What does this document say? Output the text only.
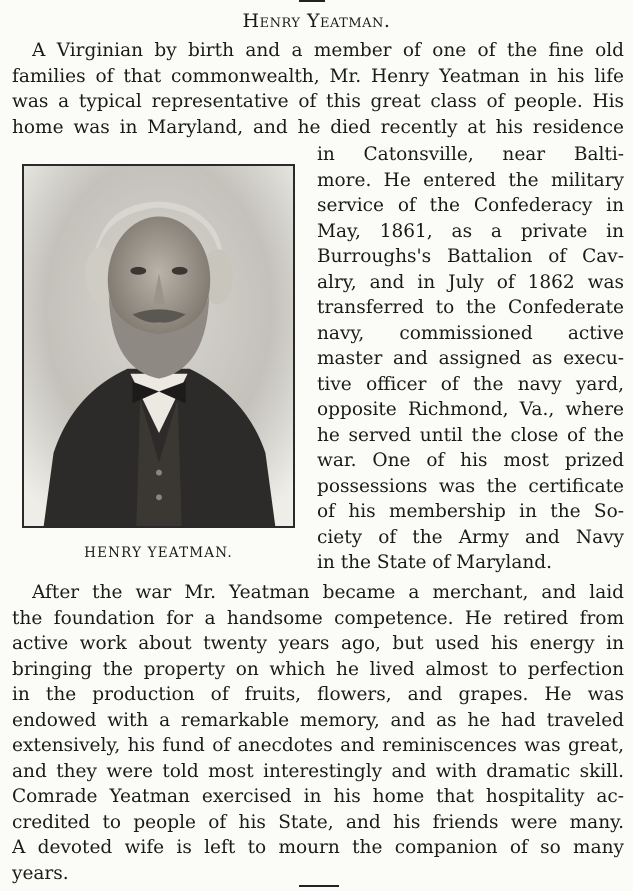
Henry Yeatman.
A Virginian by birth and a member of one of the fine old
families of that commonwealth, Mr. Henry Yeatman in his life
was a typical representative of this great class of people. His
home was in Maryland, and he died recently at his residence
in Catonsville, near Balti-
more. He entered the military
service of the Confederacy in
May, 1861, as a private in
Burroughs's Battalion of Cav-
alry, and in July of 1862 was
transferred to the Confederate
navy, commissioned active
master and assigned as execu-
tive officer of the navy yard,
opposite Richmond, Va., where
he served until the close of the
war. One of his most prized
possessions was the certificate
of his membership in the So-
ciety of the Army and Navy
in the State of Maryland.
HENRY YEATMAN.
After the war Mr. Yeatman became a merchant, and laid
the foundation for a handsome competence. He retired from
active work about twenty years ago, but used his energy in
bringing the property on which he lived almost to perfection
in the production of fruits, flowers, and grapes. He was
endowed with a remarkable memory, and as he had traveled
extensively, his fund of anecdotes and reminiscences was great,
and they were told most interestingly and with dramatic skill.
Comrade Yeatman exercised in his home that hospitality ac-
credited to people of his State, and his friends were many.
A devoted wife is left to mourn the companion of so many
years.
